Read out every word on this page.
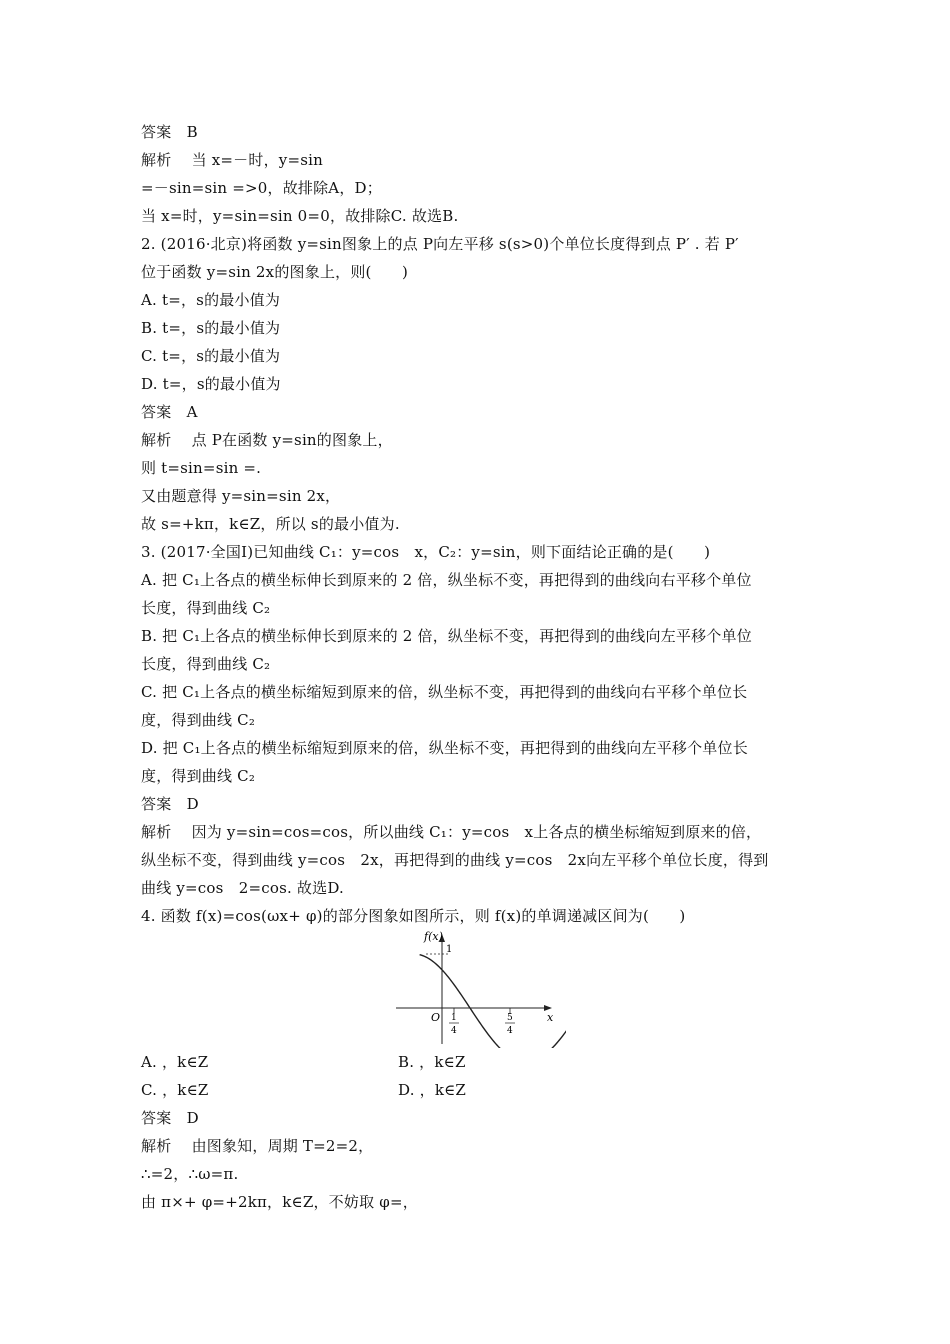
答案　B
解析　 当 x=－时，y=sin
=－sin=sin =>0，故排除A，D；
当 x=时，y=sin=sin 0=0，故排除C. 故选B.
2. (2016·北京)将函数 y=sin图象上的点 P向左平移 s(s>0)个单位长度得到点 P′ . 若 P′
位于函数 y=sin 2x的图象上，则(　　)
A. t=，s的最小值为
B. t=，s的最小值为
C. t=，s的最小值为
D. t=，s的最小值为
答案　A
解析　 点 P在函数 y=sin的图象上，
则 t=sin=sin =.
又由题意得 y=sin=sin 2x，
故 s=+kπ，k∈Z，所以 s的最小值为.
3. (2017·全国Ⅰ)已知曲线 C₁：y=cos　x，C₂：y=sin，则下面结论正确的是(　　)
A. 把 C₁上各点的横坐标伸长到原来的 2 倍，纵坐标不变，再把得到的曲线向右平移个单位
长度，得到曲线 C₂
B. 把 C₁上各点的横坐标伸长到原来的 2 倍，纵坐标不变，再把得到的曲线向左平移个单位
长度，得到曲线 C₂
C. 把 C₁上各点的横坐标缩短到原来的倍，纵坐标不变，再把得到的曲线向右平移个单位长
度，得到曲线 C₂
D. 把 C₁上各点的横坐标缩短到原来的倍，纵坐标不变，再把得到的曲线向左平移个单位长
度，得到曲线 C₂
答案　D
解析　 因为 y=sin=cos=cos，所以曲线 C₁：y=cos　x上各点的横坐标缩短到原来的倍，
纵坐标不变，得到曲线 y=cos　2x，再把得到的曲线 y=cos　2x向左平移个单位长度，得到
曲线 y=cos　2=cos. 故选D.
4. 函数 f(x)=cos(ωx+ φ)的部分图象如图所示，则 f(x)的单调递减区间为(　　)
f(x)
1
O	x
1
4
5
4
A. ，k∈Z	B. ，k∈Z
C. ，k∈Z	D. ，k∈Z
答案　D
解析　 由图象知，周期 T=2=2，
∴=2，∴ω=π.
由 π×+ φ=+2kπ，k∈Z，不妨取 φ=，
